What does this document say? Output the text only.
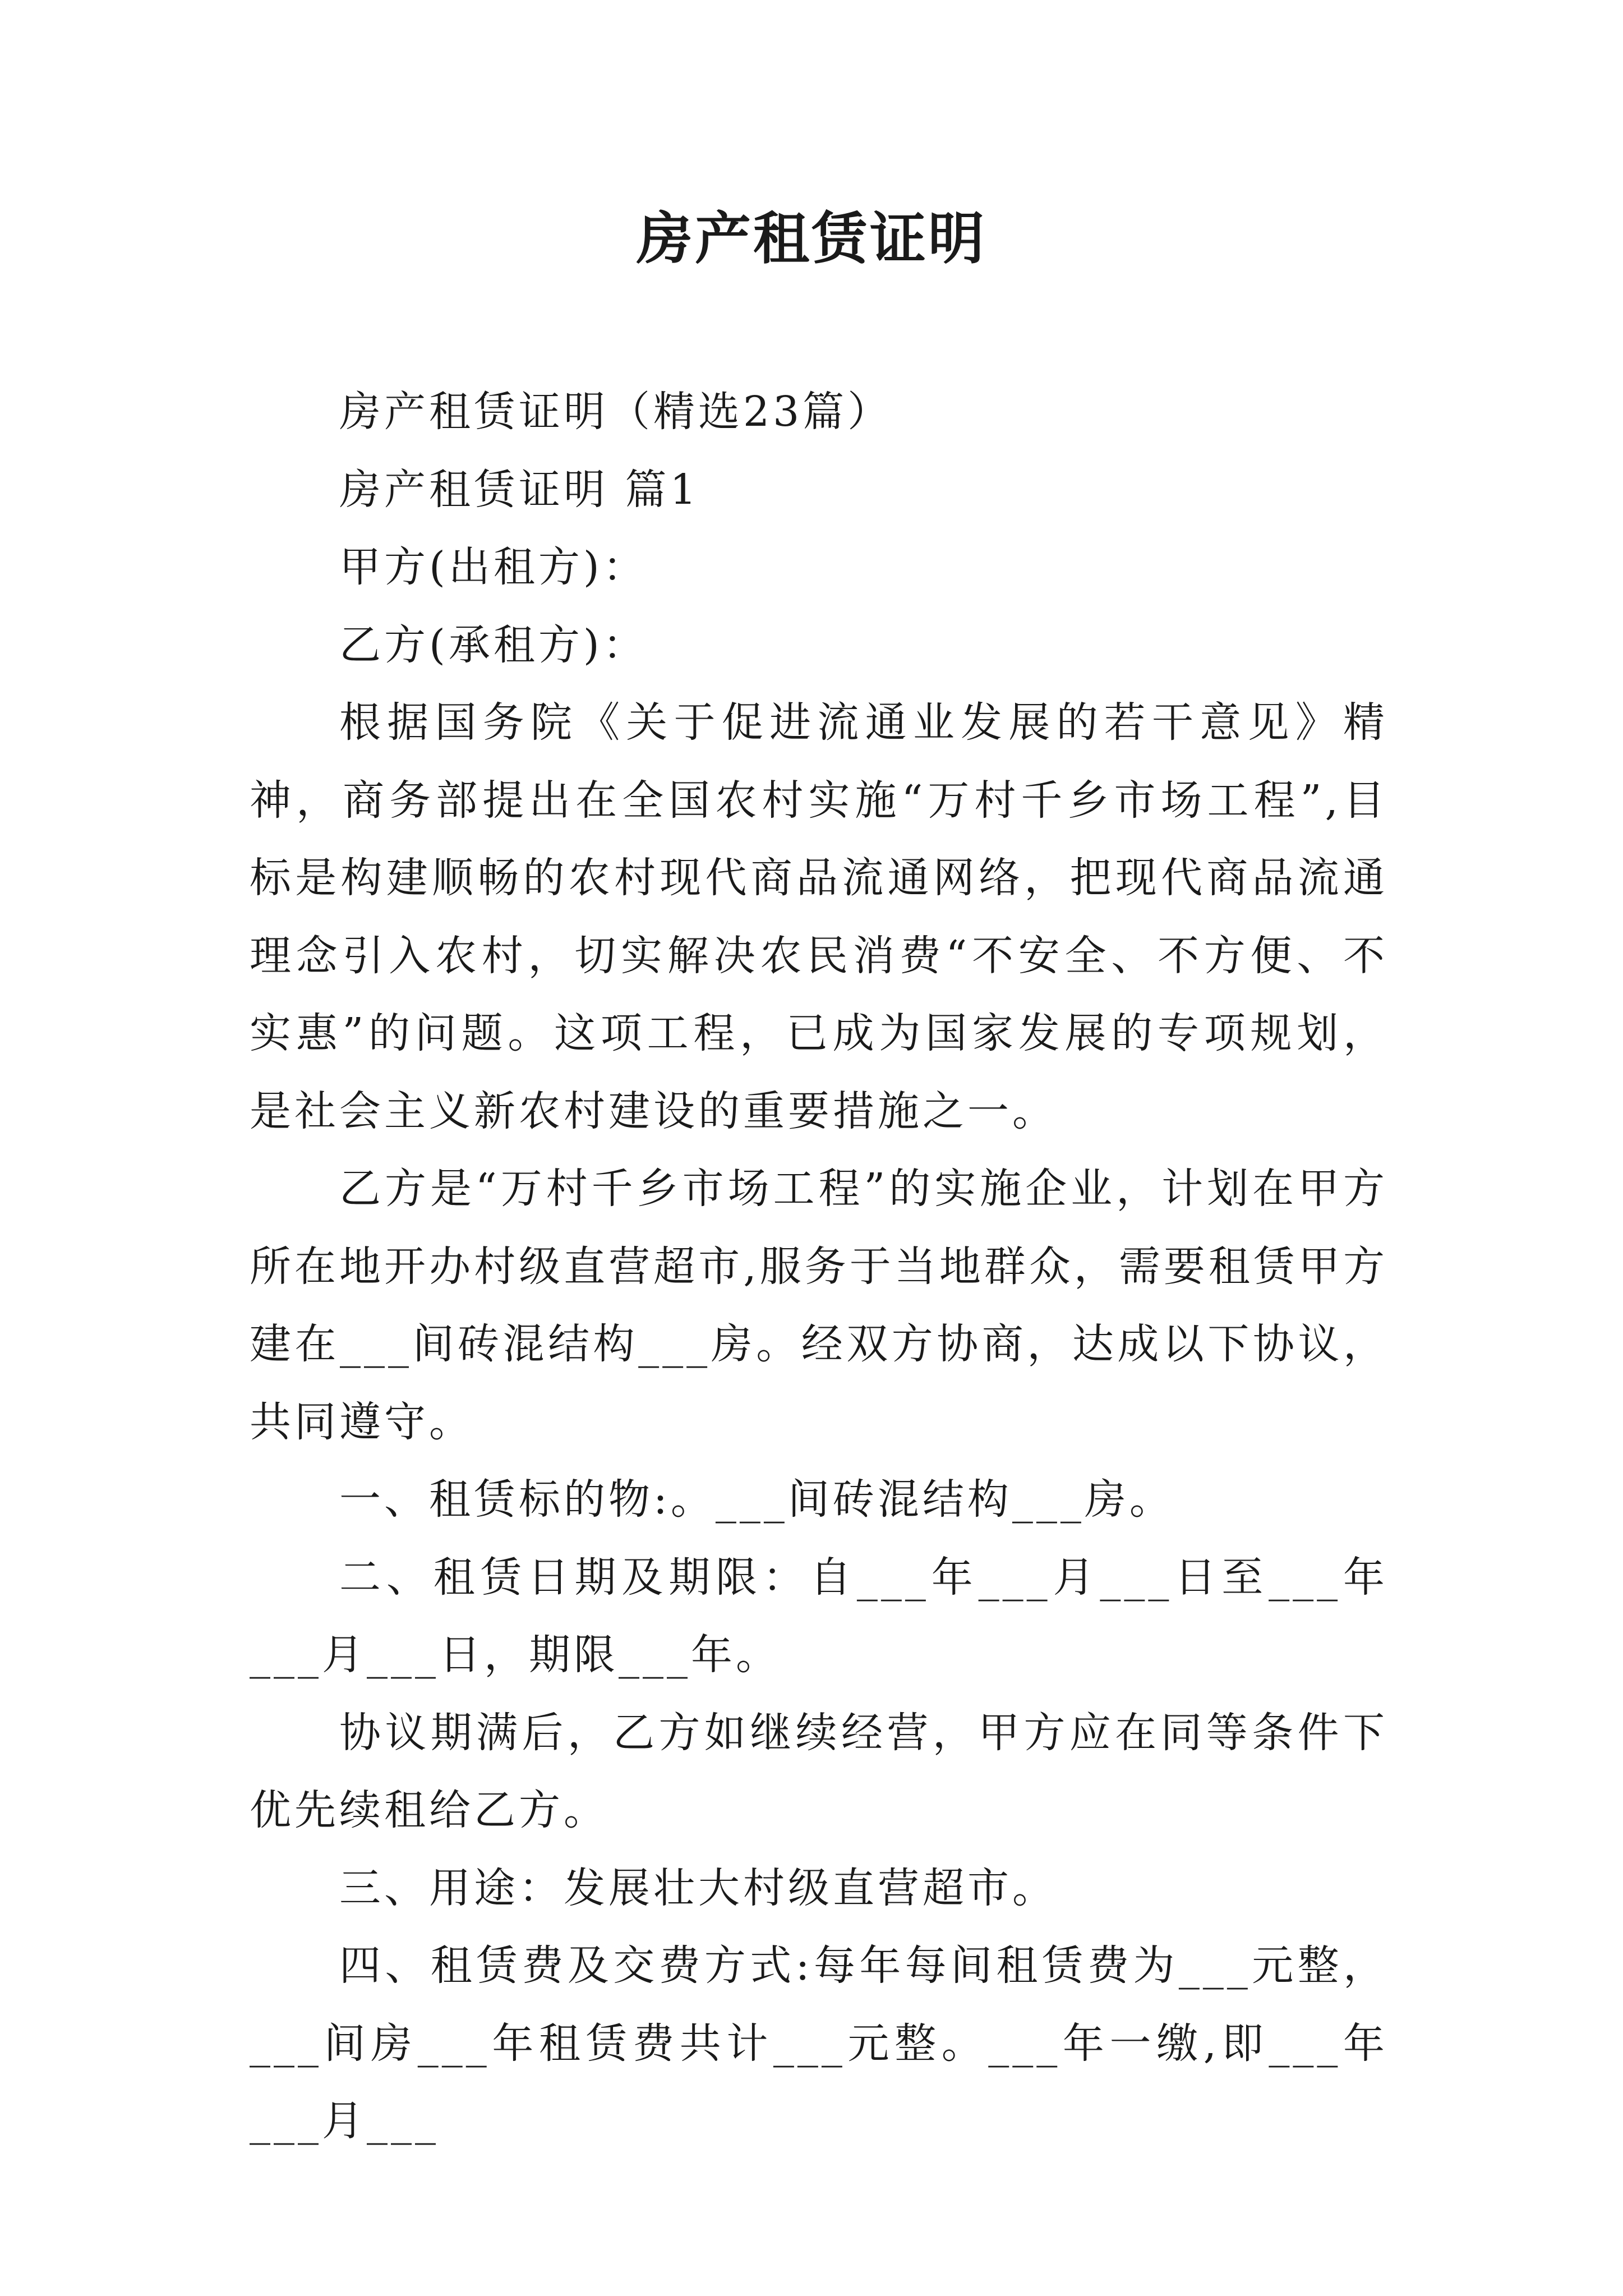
房产租赁证明

房产租赁证明（精选23篇）

房产租赁证明 篇1

甲方(出租方)：

乙方(承租方)：

根据国务院《关于促进流通业发展的若干意见》精神，商务部提出在全国农村实施“万村千乡市场工程”,目标是构建顺畅的农村现代商品流通网络，把现代商品流通理念引入农村，切实解决农民消费“不安全、不方便、不实惠”的问题。这项工程，已成为国家发展的专项规划，是社会主义新农村建设的重要措施之一。

乙方是“万村千乡市场工程”的实施企业，计划在甲方所在地开办村级直营超市,服务于当地群众，需要租赁甲方建在___间砖混结构___房。经双方协商，达成以下协议，共同遵守。

一、租赁标的物:。___间砖混结构___房。

二、租赁日期及期限：自___年___月___日至___年___月___日，期限___年。

协议期满后，乙方如继续经营，甲方应在同等条件下优先续租给乙方。

三、用途：发展壮大村级直营超市。

四、租赁费及交费方式:每年每间租赁费为___元整，___间房___年租赁费共计___元整。___年一缴,即___年___月___
